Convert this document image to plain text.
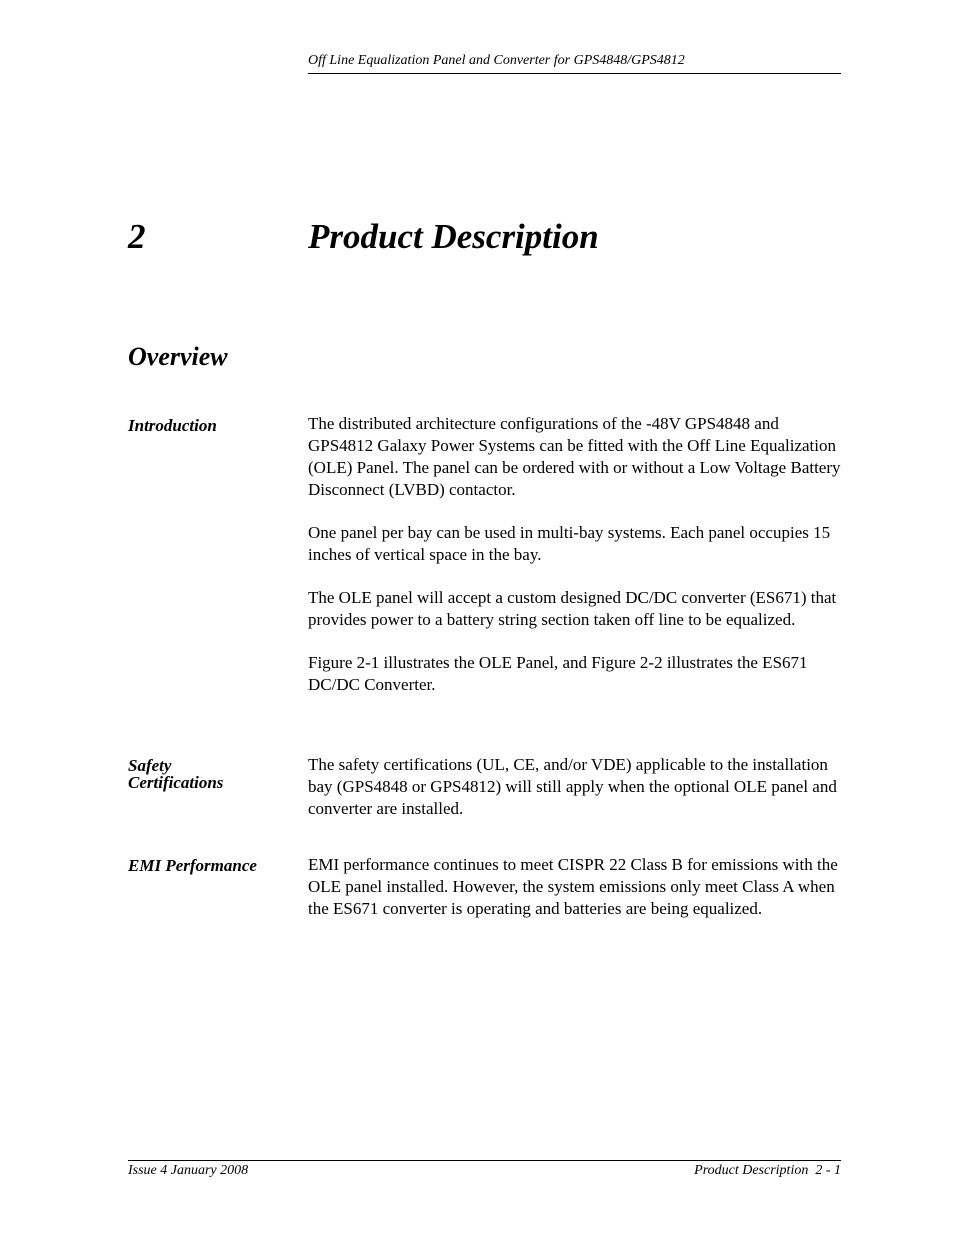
Off Line Equalization Panel and Converter for GPS4848/GPS4812
2	Product Description
Overview
Introduction	The distributed architecture configurations of the -48V GPS4848 and GPS4812 Galaxy Power Systems can be fitted with the Off Line Equalization (OLE) Panel. The panel can be ordered with or without a Low Voltage Battery Disconnect (LVBD) contactor.

One panel per bay can be used in multi-bay systems. Each panel occupies 15 inches of vertical space in the bay.

The OLE panel will accept a custom designed DC/DC converter (ES671) that provides power to a battery string section taken off line to be equalized.

Figure 2-1 illustrates the OLE Panel, and Figure 2-2 illustrates the ES671 DC/DC Converter.

Safety
Certifications

The safety certifications (UL, CE, and/or VDE) applicable to the installation bay (GPS4848 or GPS4812) will still apply when the optional OLE panel and converter are installed.

EMI Performance	EMI performance continues to meet CISPR 22 Class B for emissions with the OLE panel installed. However, the system emissions only meet Class A when the ES671 converter is operating and batteries are being equalized.

Issue 4 January 2008	Product Description  2 - 1
